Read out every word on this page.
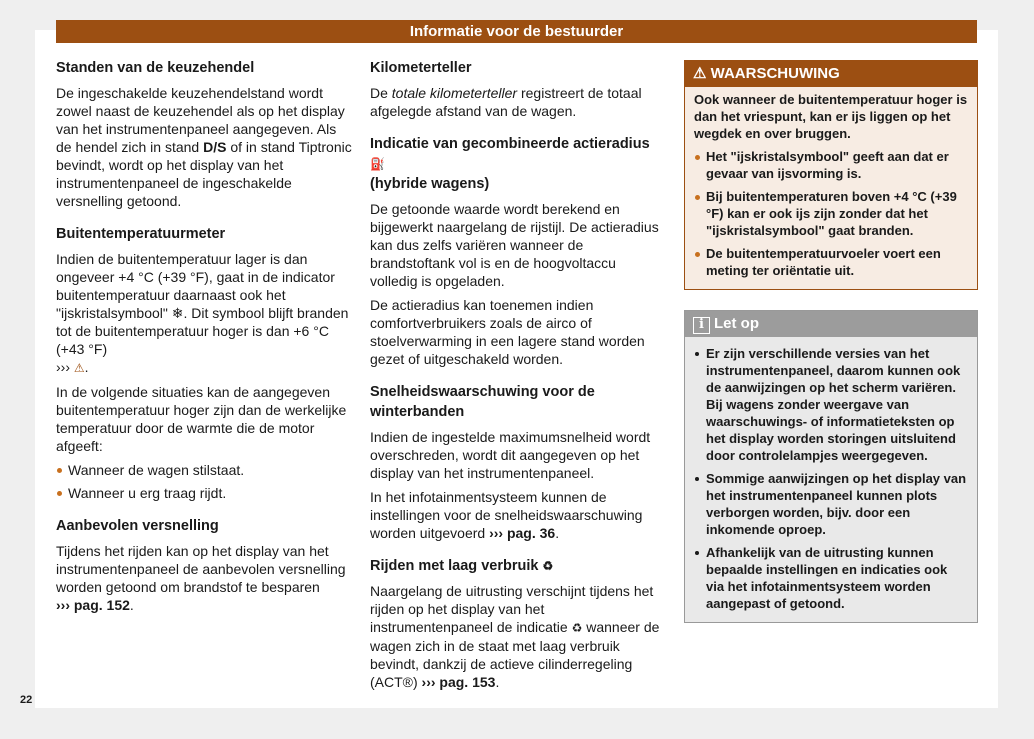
Informatie voor de bestuurder
Standen van de keuzehendel

De ingeschakelde keuzehendelstand wordt zowel naast de keuzehendel als op het display van het instrumentenpaneel aangegeven. Als de hendel zich in stand D/S of in stand Tiptronic bevindt, wordt op het display van het instrumentenpaneel de ingeschakelde versnelling getoond.

Buitentemperatuurmeter

Indien de buitentemperatuur lager is dan ongeveer +4 °C (+39 °F), gaat in de indicator buitentemperatuur daarnaast ook het "ijskristalsymbool" ❄. Dit symbool blijft branden tot de buitentemperatuur hoger is dan +6 °C (+43 °F)
››› ⚠.

In de volgende situaties kan de aangegeven buitentemperatuur hoger zijn dan de werkelijke temperatuur door de warmte die de motor afgeeft:

Wanneer de wagen stilstaat.
Wanneer u erg traag rijdt.
Aanbevolen versnelling

Tijdens het rijden kan op het display van het instrumentenpaneel de aanbevolen versnelling worden getoond om brandstof te besparen
››› pag. 152.

Kilometerteller

De totale kilometerteller registreert de totaal afgelegde afstand van de wagen.

Indicatie van gecombineerde actieradius ⛽
(hybride wagens)

De getoonde waarde wordt berekend en bijgewerkt naargelang de rijstijl. De actieradius kan dus zelfs variëren wanneer de brandstoftank vol is en de hoogvoltaccu volledig is opgeladen.

De actieradius kan toenemen indien comfortverbruikers zoals de airco of stoelverwarming in een lagere stand worden gezet of uitgeschakeld worden.

Snelheidswaarschuwing voor de winterbanden

Indien de ingestelde maximumsnelheid wordt overschreden, wordt dit aangegeven op het display van het instrumentenpaneel.

In het infotainmentsysteem kunnen de instellingen voor de snelheidswaarschuwing worden uitgevoerd ››› pag. 36.

Rijden met laag verbruik ♻

Naargelang de uitrusting verschijnt tijdens het rijden op het display van het instrumentenpaneel de indicatie ♻ wanneer de wagen zich in de staat met laag verbruik bevindt, dankzij de actieve cilinderregeling (ACT®) ››› pag. 153.

⚠ WAARSCHUWING

Ook wanneer de buitentemperatuur hoger is dan het vriespunt, kan er ijs liggen op het wegdek en over bruggen.

Het "ijskristalsymbool" geeft aan dat er gevaar van ijsvorming is.
Bij buitentemperaturen boven +4 °C (+39 °F) kan er ook ijs zijn zonder dat het "ijskristalsymbool" gaat branden.
De buitentemperatuurvoeler voert een meting ter oriëntatie uit.
i Let op
Er zijn verschillende versies van het instrumentenpaneel, daarom kunnen ook de aanwijzingen op het scherm variëren. Bij wagens zonder weergave van waarschuwings- of informatieteksten op het display worden storingen uitsluitend door controlelampjes weergegeven.
Sommige aanwijzingen op het display van het instrumentenpaneel kunnen plots verborgen worden, bijv. door een inkomende oproep.
Afhankelijk van de uitrusting kunnen bepaalde instellingen en indicaties ook via het infotainmentsysteem worden aangepast of getoond.
22
